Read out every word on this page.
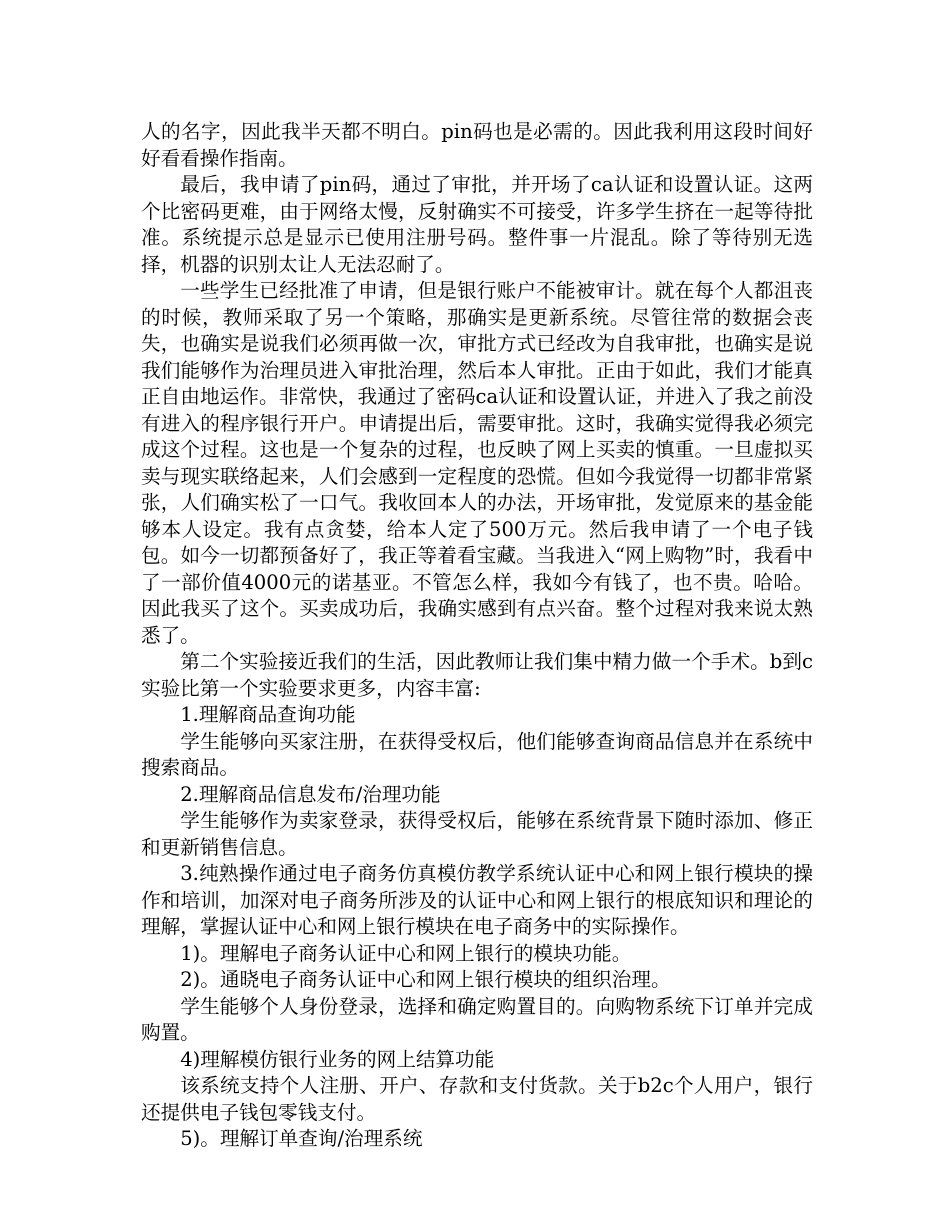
人的名字，因此我半天都不明白。pin码也是必需的。因此我利用这段时间好好看看操作指南。

最后，我申请了pin码，通过了审批，并开场了ca认证和设置认证。这两个比密码更难，由于网络太慢，反射确实不可接受，许多学生挤在一起等待批准。系统提示总是显示已使用注册号码。整件事一片混乱。除了等待别无选择，机器的识别太让人无法忍耐了。

一些学生已经批准了申请，但是银行账户不能被审计。就在每个人都沮丧的时候，教师采取了另一个策略，那确实是更新系统。尽管往常的数据会丧失，也确实是说我们必须再做一次，审批方式已经改为自我审批，也确实是说我们能够作为治理员进入审批治理，然后本人审批。正由于如此，我们才能真正自由地运作。非常快，我通过了密码ca认证和设置认证，并进入了我之前没有进入的程序银行开户。申请提出后，需要审批。这时，我确实觉得我必须完成这个过程。这也是一个复杂的过程，也反映了网上买卖的慎重。一旦虚拟买卖与现实联络起来，人们会感到一定程度的恐慌。但如今我觉得一切都非常紧张，人们确实松了一口气。我收回本人的办法，开场审批，发觉原来的基金能够本人设定。我有点贪婪，给本人定了500万元。然后我申请了一个电子钱包。如今一切都预备好了，我正等着看宝藏。当我进入“网上购物”时，我看中了一部价值4000元的诺基亚。不管怎么样，我如今有钱了，也不贵。哈哈。因此我买了这个。买卖成功后，我确实感到有点兴奋。整个过程对我来说太熟悉了。

第二个实验接近我们的生活，因此教师让我们集中精力做一个手术。b到c实验比第一个实验要求更多，内容丰富:

1.理解商品查询功能

学生能够向买家注册，在获得受权后，他们能够查询商品信息并在系统中搜索商品。

2.理解商品信息发布/治理功能

学生能够作为卖家登录，获得受权后，能够在系统背景下随时添加、修正和更新销售信息。

3.纯熟操作通过电子商务仿真模仿教学系统认证中心和网上银行模块的操作和培训，加深对电子商务所涉及的认证中心和网上银行的根底知识和理论的理解，掌握认证中心和网上银行模块在电子商务中的实际操作。

1)。理解电子商务认证中心和网上银行的模块功能。

2)。通晓电子商务认证中心和网上银行模块的组织治理。

学生能够个人身份登录，选择和确定购置目的。向购物系统下订单并完成购置。

4)理解模仿银行业务的网上结算功能

该系统支持个人注册、开户、存款和支付货款。关于b2c个人用户，银行还提供电子钱包零钱支付。

5)。理解订单查询/治理系统
